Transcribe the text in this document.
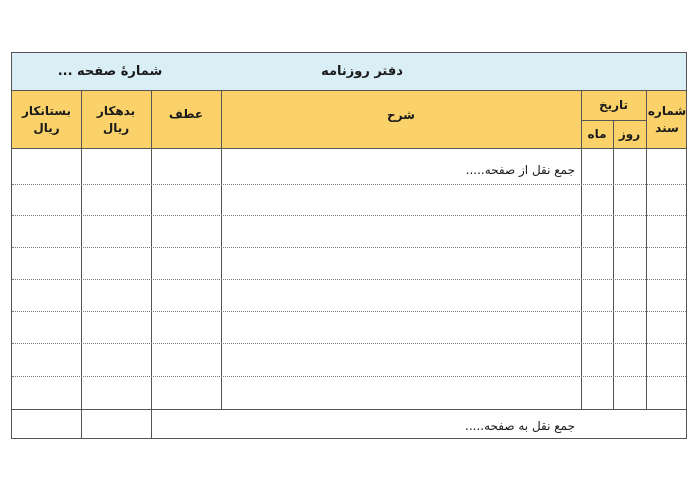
دفتر روزنامه
شمارهٔ صفحه ...
بستانکار
ریال
بدهکار
ریال
عطف	شرح
تاریخ
ماه روز
شماره
سند
جمع نقل از صفحه.....
جمع نقل به صفحه.....
